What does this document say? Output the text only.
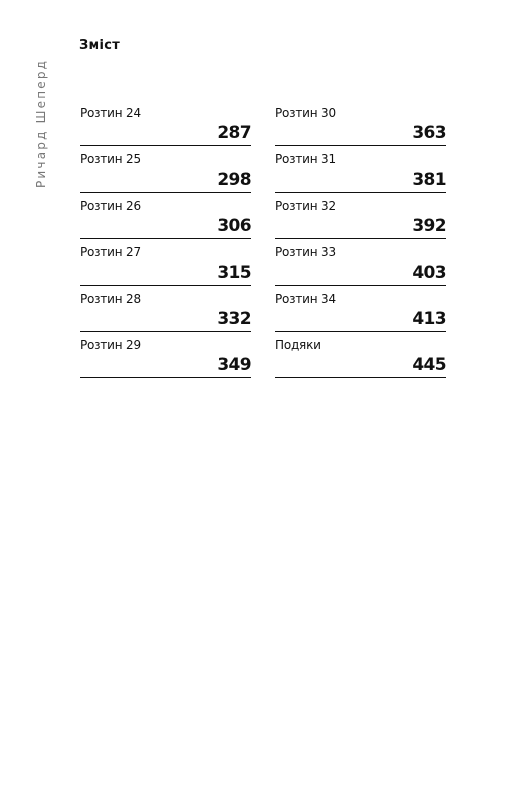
Ричард Шеперд
Зміст
Розтин 24
287
Розтин 25
298
Розтин 26
306
Розтин 27
315
Розтин 28
332
Розтин 29
349
Розтин 30
363
Розтин 31
381
Розтин 32
392
Розтин 33
403
Розтин 34
413
Подяки
445
